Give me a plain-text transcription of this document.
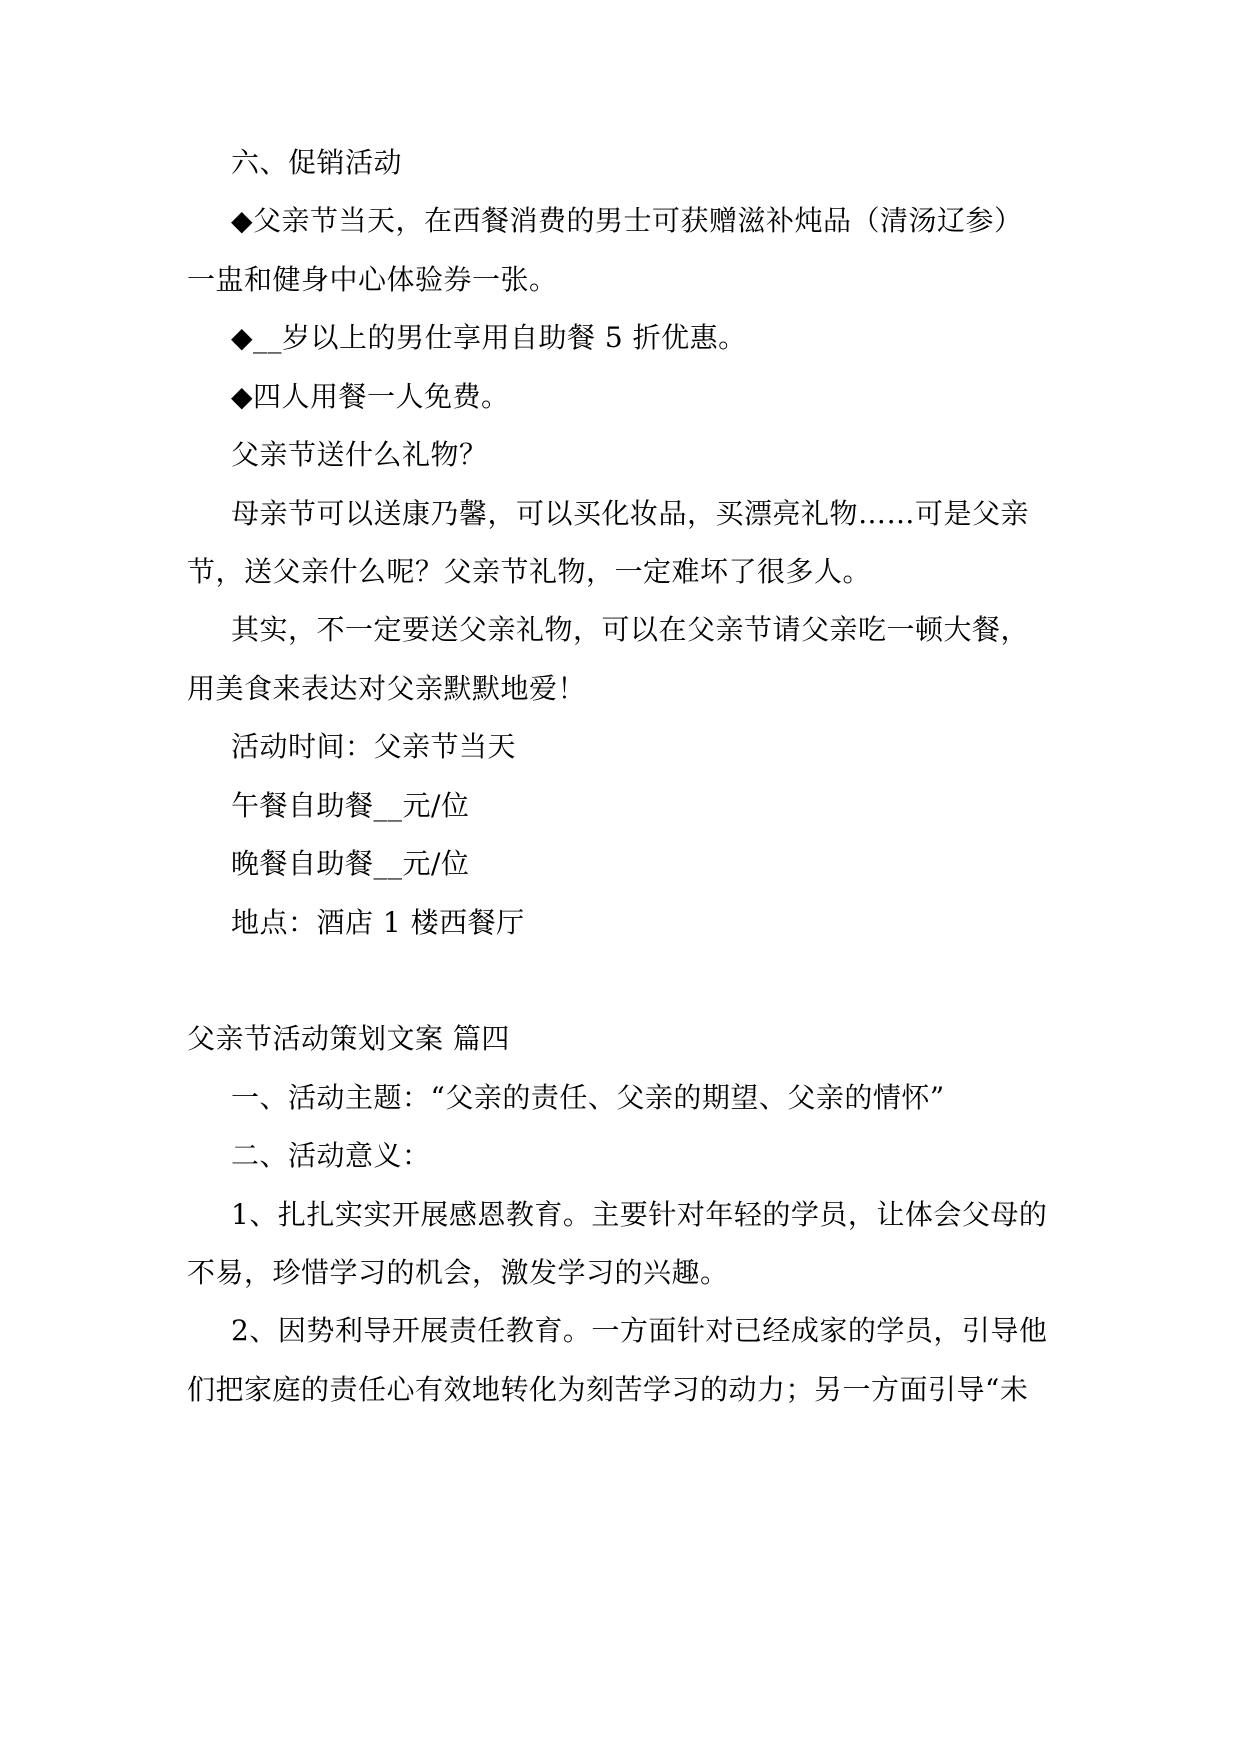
六、促销活动
◆父亲节当天，在西餐消费的男士可获赠滋补炖品（清汤辽参）
一盅和健身中心体验券一张。
◆__岁以上的男仕享用自助餐 5 折优惠。
◆四人用餐一人免费。
父亲节送什么礼物？
母亲节可以送康乃馨，可以买化妆品，买漂亮礼物……可是父亲
节，送父亲什么呢？父亲节礼物，一定难坏了很多人。
其实，不一定要送父亲礼物，可以在父亲节请父亲吃一顿大餐，
用美食来表达对父亲默默地爱！
活动时间：父亲节当天
午餐自助餐__元/位
晚餐自助餐__元/位
地点：酒店 1 楼西餐厅
父亲节活动策划文案 篇四
一、活动主题：“父亲的责任、父亲的期望、父亲的情怀”
二、活动意义：
1、扎扎实实开展感恩教育。主要针对年轻的学员，让体会父母的
不易，珍惜学习的机会，激发学习的兴趣。
2、因势利导开展责任教育。一方面针对已经成家的学员，引导他
们把家庭的责任心有效地转化为刻苦学习的动力；另一方面引导“未
